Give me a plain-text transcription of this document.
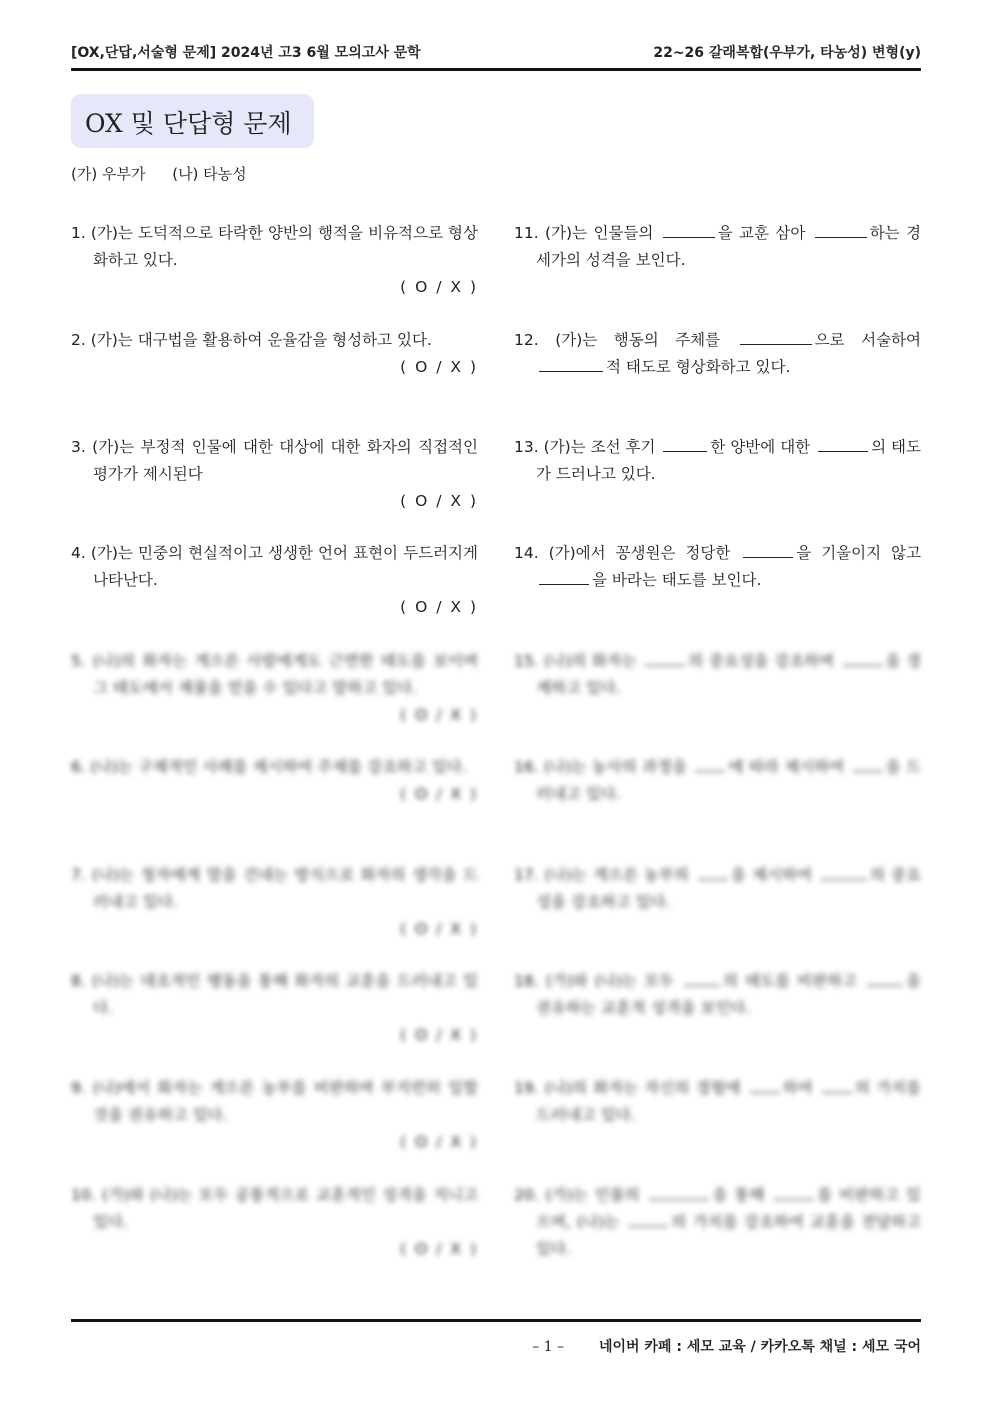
[OX,단답,서술형 문제] 2024년 고3 6월 모의고사 문학	22~26 갈래복합(우부가, 타농성) 변형(y)
OX 및 단답형 문제
(가) 우부가 (나) 타농성
1. (가)는 도덕적으로 타락한 양반의 행적을 비유적으로 형상화하고 있다.
( O / X )
2. (가)는 대구법을 활용하여 운율감을 형성하고 있다.
( O / X )
3. (가)는 부정적 인물에 대한 대상에 대한 화자의 직접적인 평가가 제시된다
( O / X )
4. (가)는 민중의 현실적이고 생생한 언어 표현이 두드러지게 나타난다.
( O / X )
5. (나)의 화자는 게으른 사람에게도 근면한 태도를 보이며 그 태도에서 재물을 얻을 수 있다고 말하고 있다.
( O / X )
6. (나)는 구체적인 사례를 제시하여 주제를 강조하고 있다.
( O / X )
7. (나)는 청자에게 말을 건네는 방식으로 화자의 생각을 드러내고 있다.
( O / X )
8. (나)는 대조적인 행동을 통해 화자의 교훈을 드러내고 있다.
( O / X )
9. (나)에서 화자는 게으른 농부를 비판하며 부지런히 일할 것을 권유하고 있다.
( O / X )
10. (가)와 (나)는 모두 공통적으로 교훈적인 성격을 지니고 있다.
( O / X )
11. (가)는 인물들의	을 교훈 삼아	하는 경세가의 성격을 보인다.
12. (가)는 행동의 주체를	으로 서술하여 적 태도로 형상화하고 있다.
13. (가)는 조선 후기	한 양반에 대한	의 태도가 드러나고 있다.
14. (가)에서 꽁생원은 정당한	을 기울이지 않고 을 바라는 태도를 보인다.
15. (나)의 화자는	의 중요성을 강조하며	을 경계하고 있다.
16. (나)는 농사의 과정을 에 따라 제시하여 을 드러내고 있다.
17. (나)는 게으른 농부의 을 제시하여	의 중요성을 강조하고 있다.
18. (가)와 (나)는 모두	의 태도를 비판하고	을 권유하는 교훈적 성격을 보인다.
19. (나)의 화자는 자신의 경험에 하여 의 가치를 드러내고 있다.
20. (가)는 인물의	을 통해	를 비판하고 있으며, (나)는	의 가치를 강조하여 교훈을 전달하고 있다.
– 1 – 네이버 카페 : 세모 교육 / 카카오톡 채널 : 세모 국어
